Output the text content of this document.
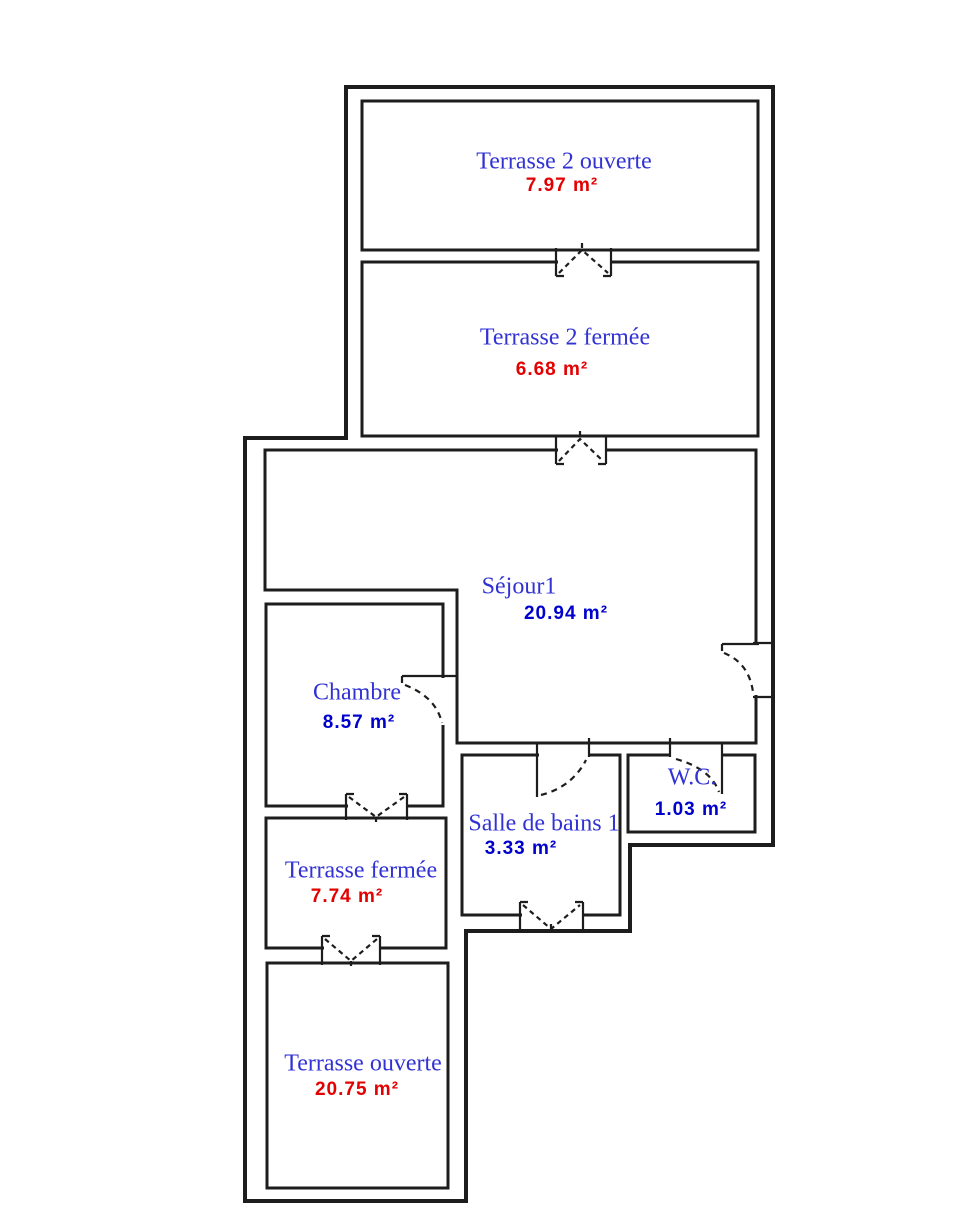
Terrasse 2 ouverte
7.97 m²
Terrasse 2 fermée
6.68 m²
Séjour1
20.94 m²
Chambre
8.57 m²
Salle de bains 1
3.33 m²
W.C.
1.03 m²
Terrasse fermée
7.74 m²
Terrasse ouverte
20.75 m²
